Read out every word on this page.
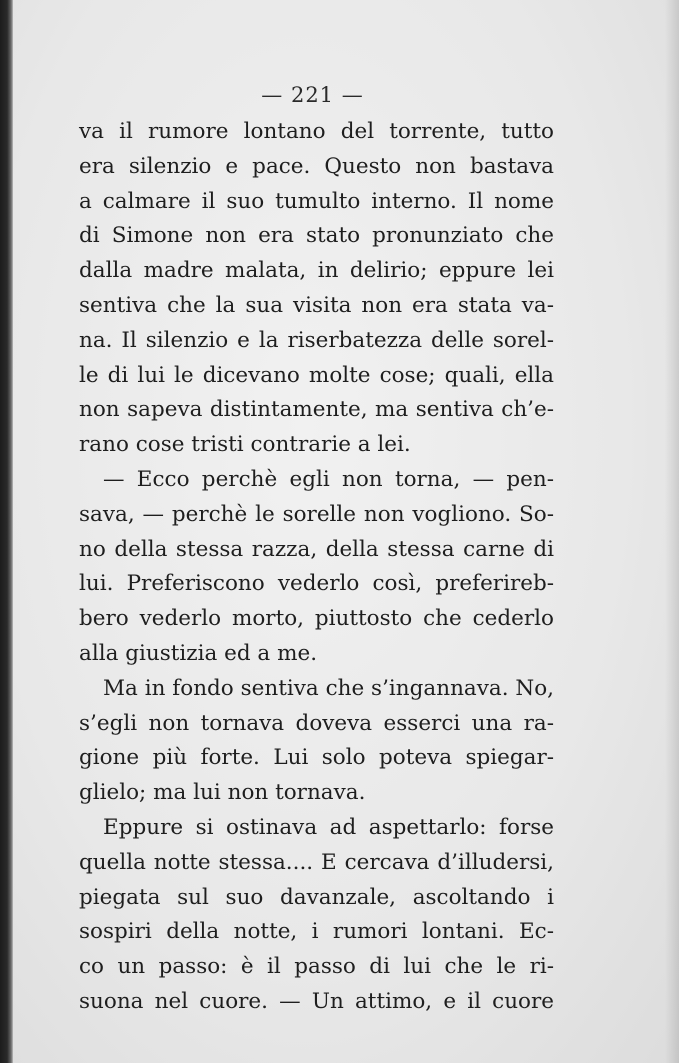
— 221 —
va il rumore lontano del torrente, tutto
era silenzio e pace. Questo non bastava
a calmare il suo tumulto interno. Il nome
di Simone non era stato pronunziato che
dalla madre malata, in delirio; eppure lei
sentiva che la sua visita non era stata va-
na. Il silenzio e la riserbatezza delle sorel-
le di lui le dicevano molte cose; quali, ella
non sapeva distintamente, ma sentiva ch’e-
rano cose tristi contrarie a lei.
— Ecco perchè egli non torna, — pen-
sava, — perchè le sorelle non vogliono. So-
no della stessa razza, della stessa carne di
lui. Preferiscono vederlo così, preferireb-
bero vederlo morto, piuttosto che cederlo
alla giustizia ed a me.
Ma in fondo sentiva che s’ingannava. No,
s’egli non tornava doveva esserci una ra-
gione più forte. Lui solo poteva spiegar-
glielo; ma lui non tornava.
Eppure si ostinava ad aspettarlo: forse
quella notte stessa.... E cercava d’illudersi,
piegata sul suo davanzale, ascoltando i
sospiri della notte, i rumori lontani. Ec-
co un passo: è il passo di lui che le ri-
suona nel cuore. — Un attimo, e il cuore
